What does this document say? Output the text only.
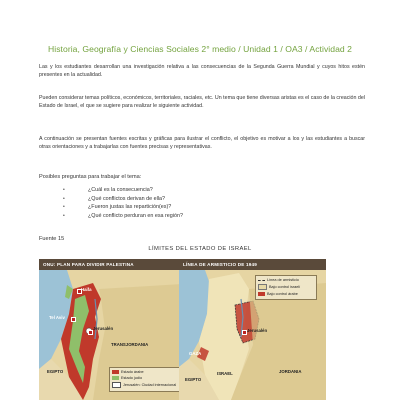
Historia, Geografía y Ciencias Sociales 2° medio / Unidad 1 / OA3 / Actividad 2

Las y los estudiantes desarrollan una investigación relativa a las consecuencias de la Segunda Guerra Mundial y cuyos hitos estén presentes en la actualidad.

Pueden considerar temas políticos, económicos, territoriales, raciales, etc. Un tema que tiene diversas aristas es el caso de la creación del Estado de Israel, el que se sugiere para realizar le siguiente actividad.

A continuación se presentan fuentes escritas y gráficas para ilustrar el conflicto, el objetivo es motivar a los y las estudiantes a buscar otras orientaciones y a trabajarlas con fuentes precisas y representativas.

Posibles preguntas para trabajar el tema:
•	¿Cuál es la consecuencia?
•	¿Qué conflictos derivan de ella?
•	¿Fueron justas las repartición(es)?
•	¿Qué conflicto perduran en esa región?
Fuente 15
LÍMITES DEL ESTADO DE ISRAEL
ONU: PLAN PARA DIVIDIR PALESTINA
Haifa
Tel Aviv
Jerusalén
TRANSJORDANIA
EGIPTO	Estado árabe
Estado judío
Jerusalén: Ciudad internacional
LÍNEA DE ARMISTICIO DE 1949
Jerusalén
GAZA
ISRAEL	JORDANIA
EGIPTO
Línea de armisticio
Bajo control israelí
Bajo control árabe
